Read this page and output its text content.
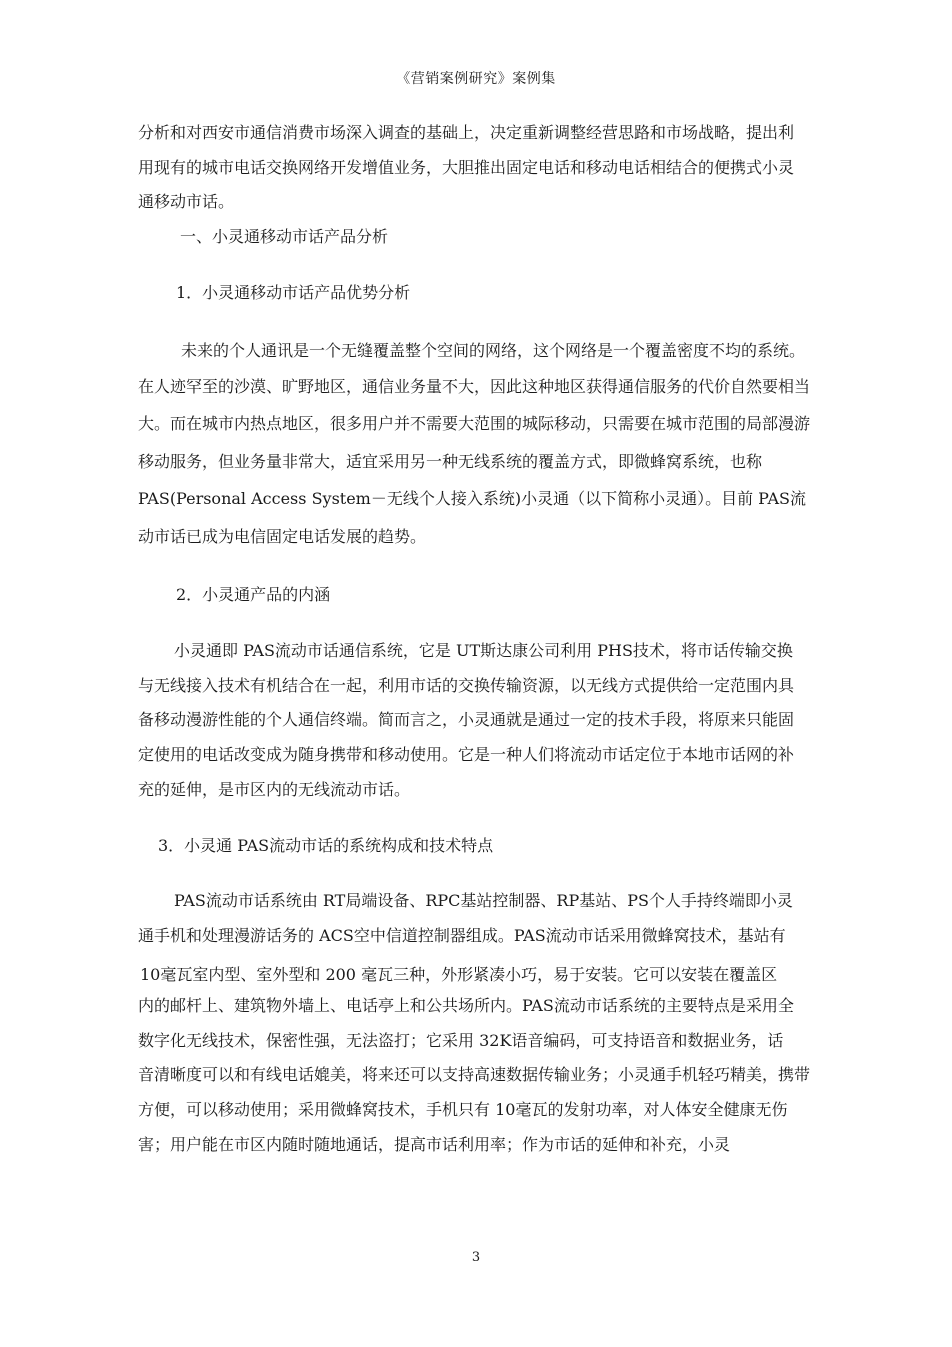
《营销案例研究》案例集
分析和对西安市通信消费市场深入调查的基础上，决定重新调整经营思路和市场战略，提出利
用现有的城市电话交换网络开发增值业务，大胆推出固定电话和移动电话相结合的便携式小灵
通移动市话。
一、小灵通移动市话产品分析
1．小灵通移动市话产品优势分析
未来的个人通讯是一个无缝覆盖整个空间的网络，这个网络是一个覆盖密度不均的系统。
在人迹罕至的沙漠、旷野地区，通信业务量不大，因此这种地区获得通信服务的代价自然要相当
大。而在城市内热点地区，很多用户并不需要大范围的城际移动，只需要在城市范围的局部漫游
移动服务，但业务量非常大，适宜采用另一种无线系统的覆盖方式，即微蜂窝系统，也称
PAS(Personal Access System－无线个人接入系统)小灵通（以下简称小灵通）。目前 PAS流
动市话已成为电信固定电话发展的趋势。
2．小灵通产品的内涵
小灵通即 PAS流动市话通信系统，它是 UT斯达康公司利用 PHS技术，将市话传输交换
与无线接入技术有机结合在一起，利用市话的交换传输资源，以无线方式提供给一定范围内具
备移动漫游性能的个人通信终端。简而言之，小灵通就是通过一定的技术手段，将原来只能固
定使用的电话改变成为随身携带和移动使用。它是一种人们将流动市话定位于本地市话网的补
充的延伸，是市区内的无线流动市话。
3．小灵通 PAS流动市话的系统构成和技术特点
PAS流动市话系统由 RT局端设备、RPC基站控制器、RP基站、PS个人手持终端即小灵
通手机和处理漫游话务的 ACS空中信道控制器组成。PAS流动市话采用微蜂窝技术，基站有
10毫瓦室内型、室外型和 200 毫瓦三种，外形紧凑小巧，易于安装。它可以安装在覆盖区
内的邮杆上、建筑物外墙上、电话亭上和公共场所内。PAS流动市话系统的主要特点是采用全
数字化无线技术，保密性强，无法盗打；它采用 32K语音编码，可支持语音和数据业务，话
音清晰度可以和有线电话媲美，将来还可以支持高速数据传输业务；小灵通手机轻巧精美，携带
方便，可以移动使用；采用微蜂窝技术，手机只有 10毫瓦的发射功率，对人体安全健康无伤
害；用户能在市区内随时随地通话，提高市话利用率；作为市话的延伸和补充，小灵
3
